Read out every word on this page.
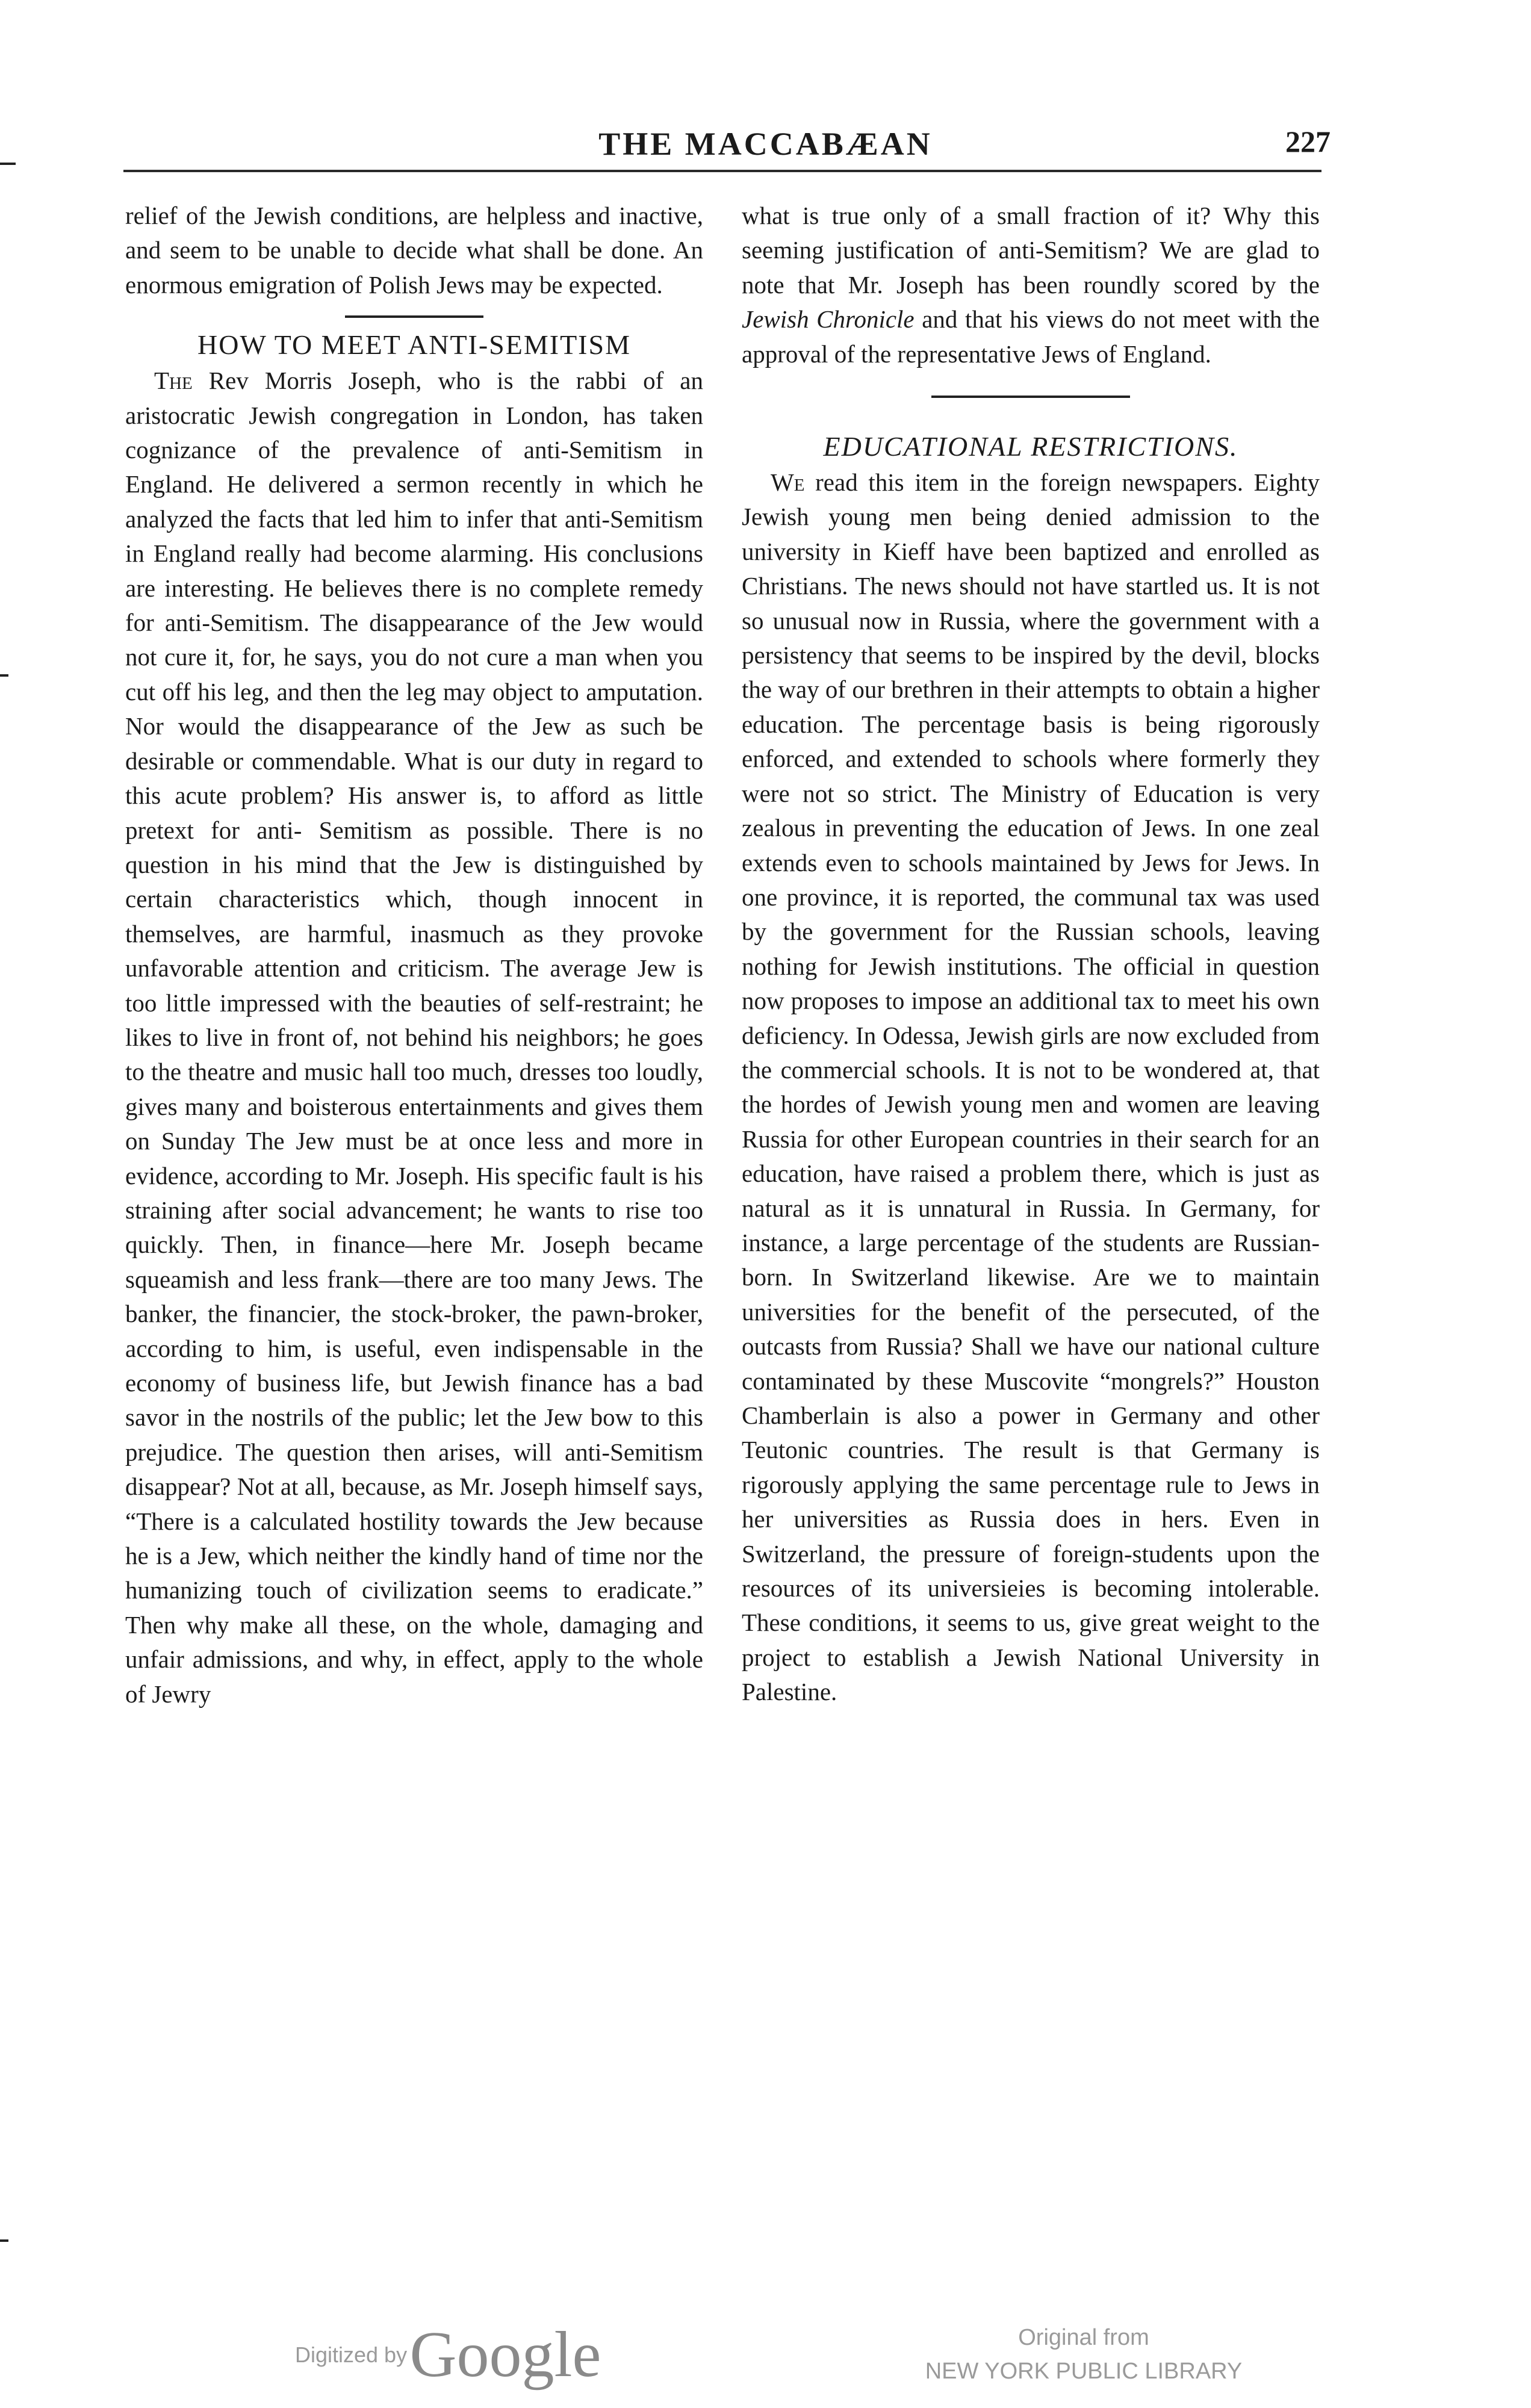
THE MACCABÆAN	227

relief of the Jewish conditions, are helpless and inactive, and seem to be unable to decide what shall be done. An enormous emigration of Polish Jews may be expected.

HOW TO MEET ANTI-SEMITISM

The Rev Morris Joseph, who is the rabbi of an aristocratic Jewish congregation in London, has taken cognizance of the prevalence of anti-Semitism in England. He delivered a sermon recently in which he analyzed the facts that led him to infer that anti-Semitism in England really had become alarming. His conclusions are interesting. He believes there is no complete remedy for anti-Semitism. The disappearance of the Jew would not cure it, for, he says, you do not cure a man when you cut off his leg, and then the leg may object to amputation. Nor would the disappearance of the Jew as such be desirable or commendable. What is our duty in regard to this acute problem? His answer is, to afford as little pretext for anti- Semitism as possible. There is no question in his mind that the Jew is distinguished by certain characteristics which, though innocent in themselves, are harmful, inasmuch as they provoke unfavorable attention and criticism. The average Jew is too little impressed with the beauties of self-restraint; he likes to live in front of, not behind his neighbors; he goes to the theatre and music hall too much, dresses too loudly, gives many and boisterous entertainments and gives them on Sunday The Jew must be at once less and more in evidence, according to Mr. Joseph. His specific fault is his straining after social advancement; he wants to rise too quickly. Then, in finance—here Mr. Joseph became squeamish and less frank—there are too many Jews. The banker, the financier, the stock-broker, the pawn-broker, according to him, is useful, even indispensable in the economy of business life, but Jewish finance has a bad savor in the nostrils of the public; let the Jew bow to this prejudice. The question then arises, will anti-Semitism disappear? Not at all, because, as Mr. Joseph himself says, “There is a calculated hostility towards the Jew because he is a Jew, which neither the kindly hand of time nor the humanizing touch of civilization seems to eradicate.” Then why make all these, on the whole, damaging and unfair admissions, and why, in effect, apply to the whole of Jewry

what is true only of a small fraction of it? Why this seeming justification of anti-Semitism? We are glad to note that Mr. Joseph has been roundly scored by the Jewish Chronicle and that his views do not meet with the approval of the representative Jews of England.

EDUCATIONAL RESTRICTIONS.

We read this item in the foreign newspapers. Eighty Jewish young men being denied admission to the university in Kieff have been baptized and enrolled as Christians. The news should not have startled us. It is not so unusual now in Russia, where the government with a persistency that seems to be inspired by the devil, blocks the way of our brethren in their attempts to obtain a higher education. The percentage basis is being rigorously enforced, and extended to schools where formerly they were not so strict. The Ministry of Education is very zealous in preventing the education of Jews. In one zeal extends even to schools maintained by Jews for Jews. In one province, it is reported, the communal tax was used by the government for the Russian schools, leaving nothing for Jewish institutions. The official in question now proposes to impose an additional tax to meet his own deficiency. In Odessa, Jewish girls are now excluded from the commercial schools. It is not to be wondered at, that the hordes of Jewish young men and women are leaving Russia for other European countries in their search for an education, have raised a problem there, which is just as natural as it is unnatural in Russia. In Germany, for instance, a large percentage of the students are Russian-born. In Switzerland likewise. Are we to maintain universities for the benefit of the persecuted, of the outcasts from Russia? Shall we have our national culture contaminated by these Muscovite “mongrels?” Houston Chamberlain is also a power in Germany and other Teutonic countries. The result is that Germany is rigorously applying the same percentage rule to Jews in her universities as Russia does in hers. Even in Switzerland, the pressure of foreign-students upon the resources of its universieies is becoming intolerable. These conditions, it seems to us, give great weight to the project to establish a Jewish National University in Palestine.

Digitized by Google	Original from
NEW YORK PUBLIC LIBRARY
